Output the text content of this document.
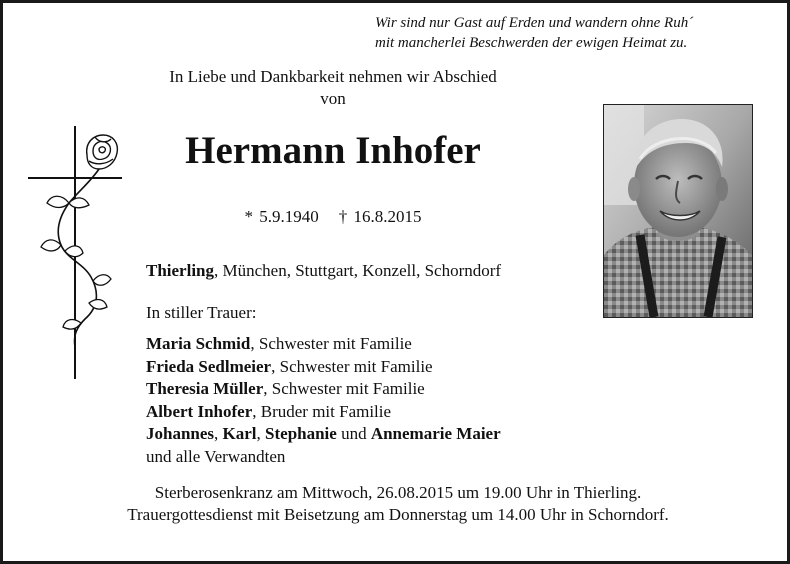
Wir sind nur Gast auf Erden und wandern ohne Ruh´
mit mancherlei Beschwerden der ewigen Heimat zu.
In Liebe und Dankbarkeit nehmen wir Abschied
von
Hermann Inhofer
* 5.9.1940 † 16.8.2015
Thierling, München, Stuttgart, Konzell, Schorndorf
In stiller Trauer:
Maria Schmid, Schwester mit Familie
Frieda Sedlmeier, Schwester mit Familie
Theresia Müller, Schwester mit Familie
Albert Inhofer, Bruder mit Familie
Johannes, Karl, Stephanie und Annemarie Maier
und alle Verwandten
Sterberosenkranz am Mittwoch, 26.08.2015 um 19.00 Uhr in Thierling.
Trauergottesdienst mit Beisetzung am Donnerstag um 14.00 Uhr in Schorndorf.
